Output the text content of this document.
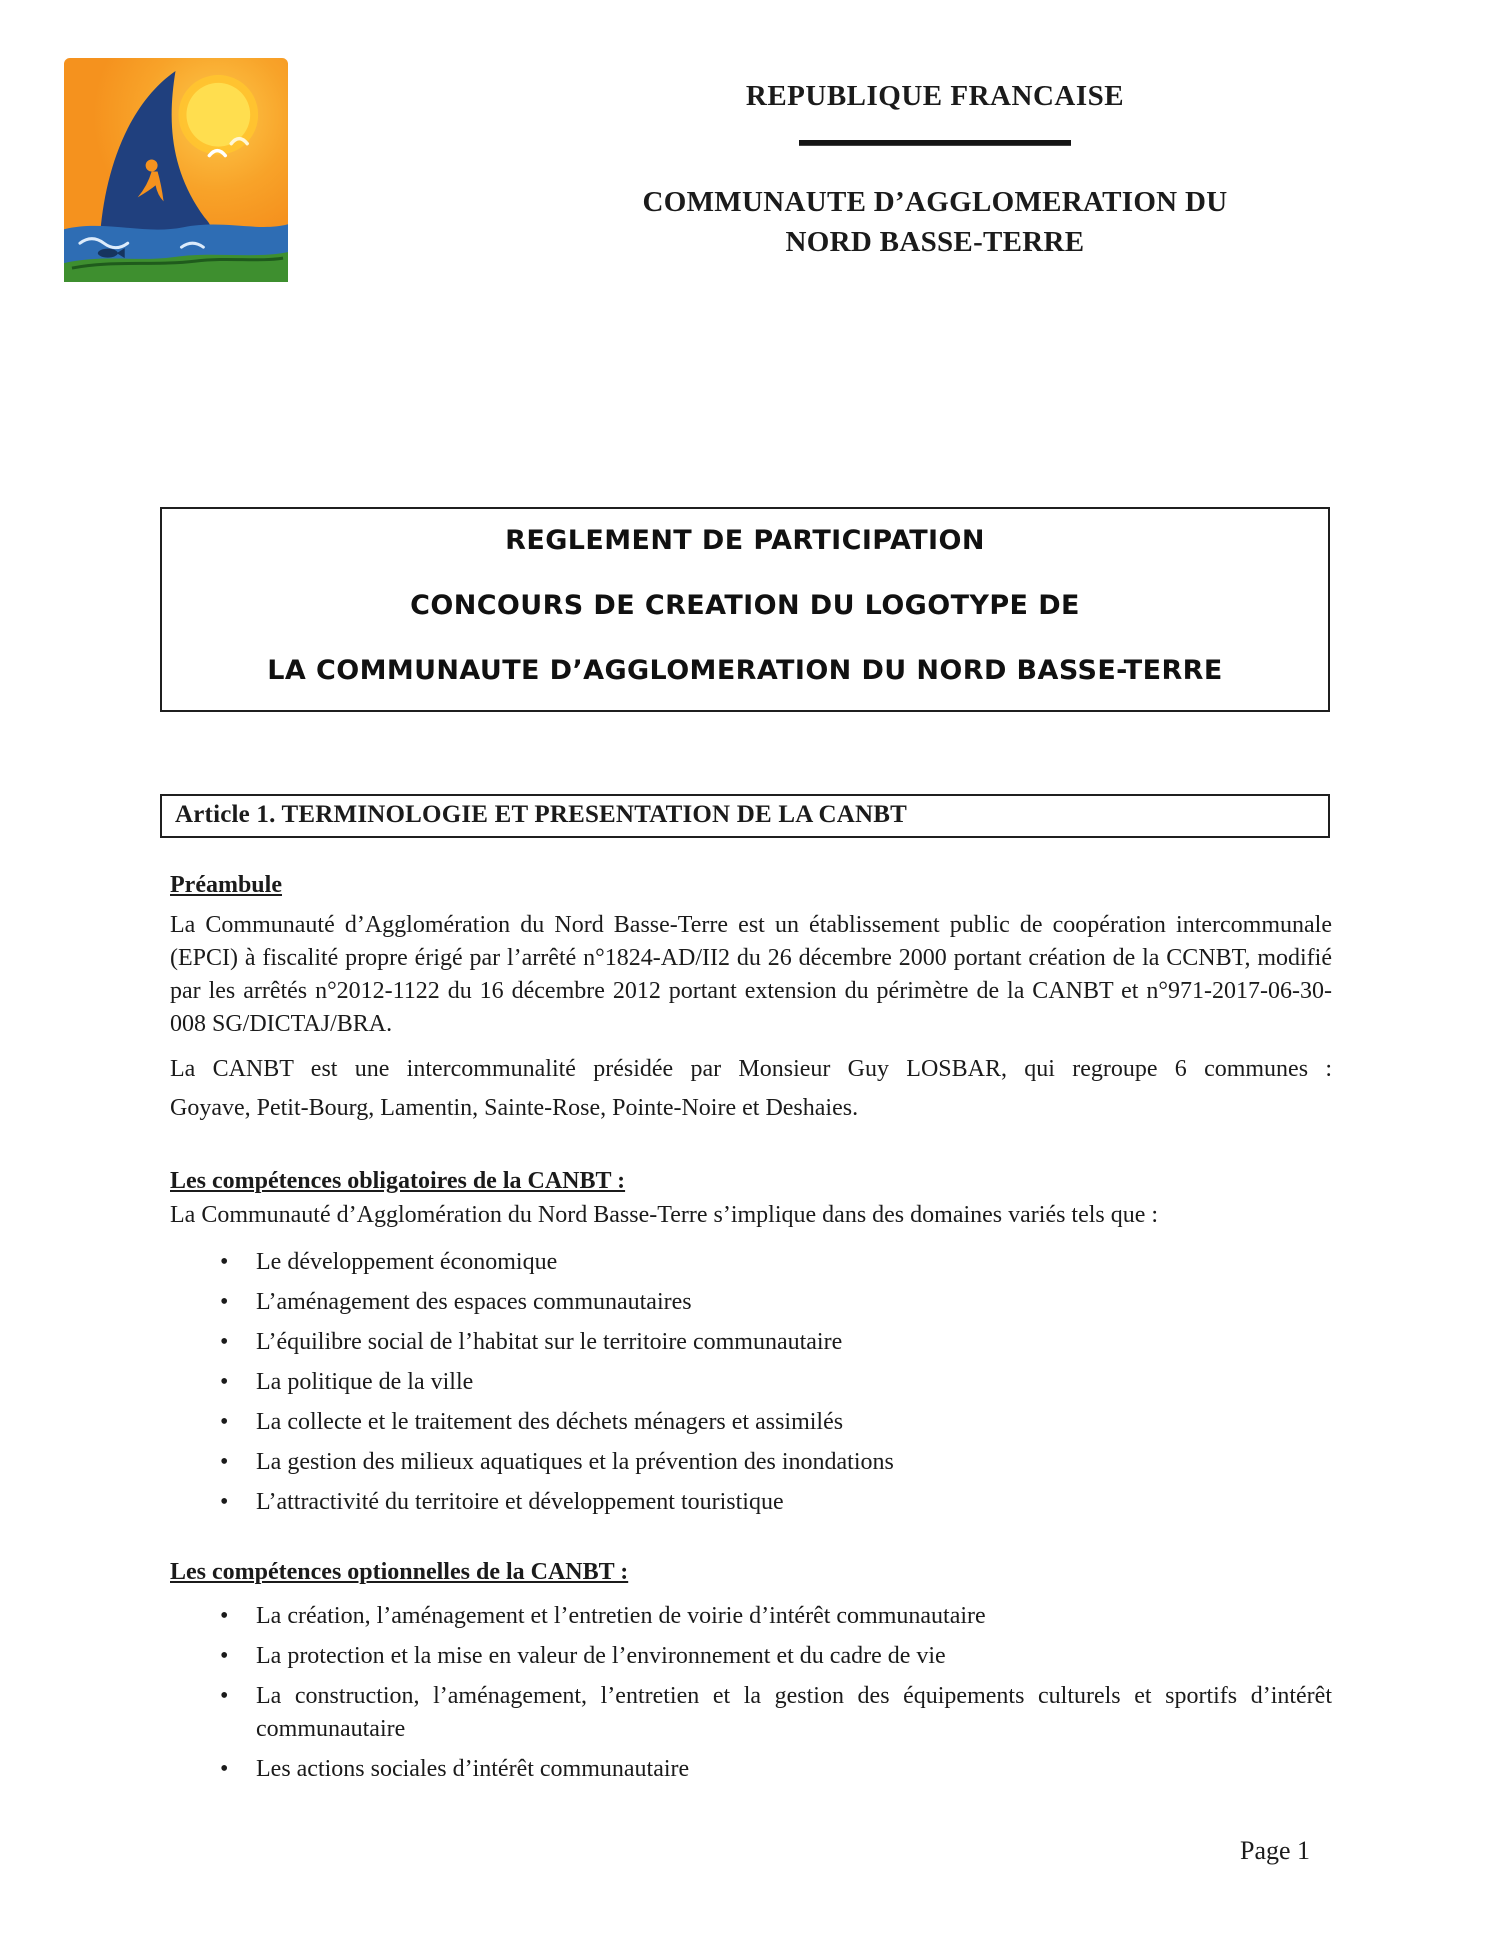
REPUBLIQUE FRANCAISE
COMMUNAUTE D’AGGLOMERATION DU
NORD BASSE-TERRE
REGLEMENT DE PARTICIPATION
CONCOURS DE CREATION DU LOGOTYPE DE
LA COMMUNAUTE D’AGGLOMERATION DU NORD BASSE-TERRE
Article 1. TERMINOLOGIE ET PRESENTATION DE LA CANBT
Préambule
La Communauté d’Agglomération du Nord Basse-Terre est un établissement public de coopération intercommunale (EPCI) à fiscalité propre érigé par l’arrêté n°1824-AD/II2 du 26 décembre 2000 portant création de la CCNBT, modifié par les arrêtés n°2012-1122 du 16 décembre 2012 portant extension du périmètre de la CANBT et n°971-2017-06-30-008 SG/DICTAJ/BRA.
La CANBT est une intercommunalité présidée par Monsieur Guy LOSBAR, qui regroupe 6 communes :
Goyave, Petit-Bourg, Lamentin, Sainte-Rose, Pointe-Noire et Deshaies.
Les compétences obligatoires de la CANBT :
La Communauté d’Agglomération du Nord Basse-Terre s’implique dans des domaines variés tels que :
• Le développement économique
• L’aménagement des espaces communautaires
• L’équilibre social de l’habitat sur le territoire communautaire
• La politique de la ville
• La collecte et le traitement des déchets ménagers et assimilés
• La gestion des milieux aquatiques et la prévention des inondations
• L’attractivité du territoire et développement touristique
Les compétences optionnelles de la CANBT :
• La création, l’aménagement et l’entretien de voirie d’intérêt communautaire
• La protection et la mise en valeur de l’environnement et du cadre de vie
• La construction, l’aménagement, l’entretien et la gestion des équipements culturels et sportifs d’intérêt communautaire
• Les actions sociales d’intérêt communautaire
Page 1
